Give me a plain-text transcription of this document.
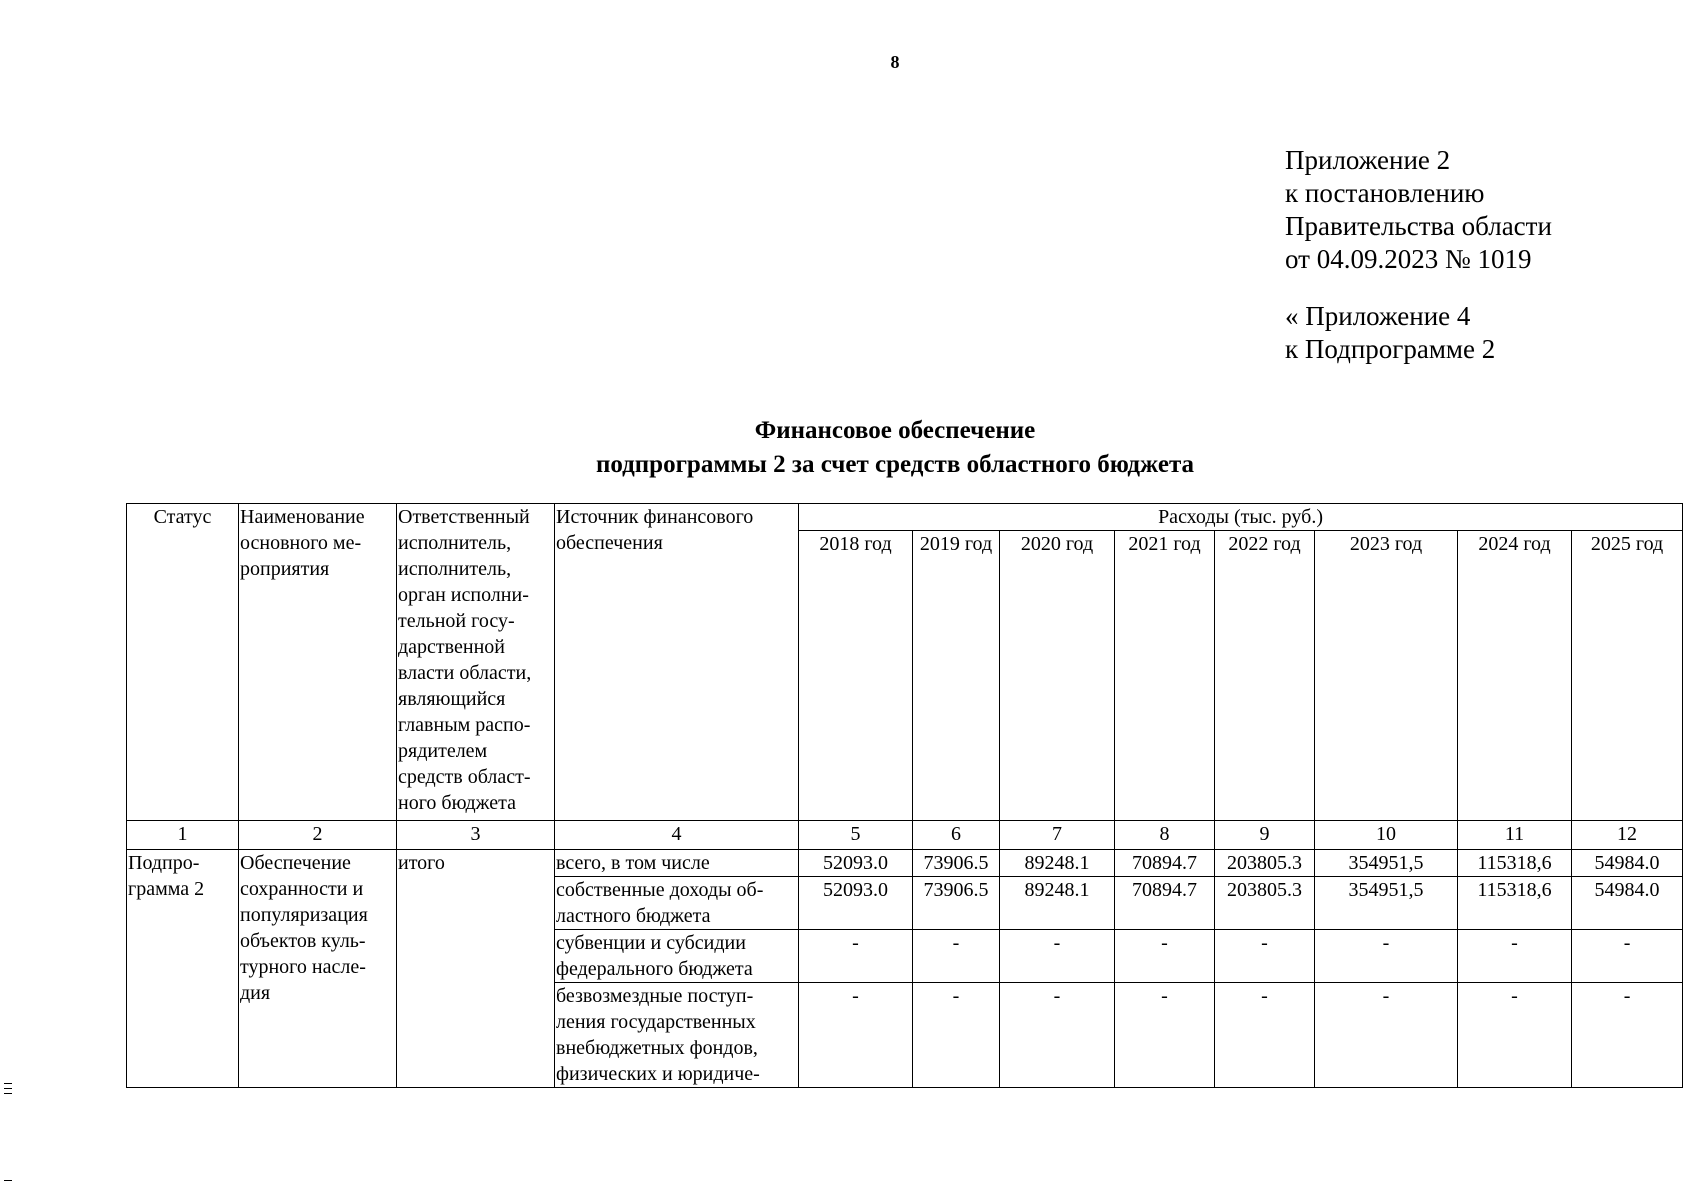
8
Приложение 2
к постановлению
Правительства области
от 04.09.2023 № 1019
« Приложение 4
к Подпрограмме 2
Финансовое обеспечение
подпрограммы 2 за счет средств областного бюджета
Статус	Наименование основного ме-роприятия	Ответственный исполнитель, исполнитель, орган исполни-тельной госу-дарственной власти области, являющийся главным распо-рядителем средств област-ного бюджета	Источник финансового обеспечения	Расходы (тыс. руб.)							
				2018 год	2019 год	2020 год	2021 год	2022 год	2023 год	2024 год	2025 год
1	2	3	4	5	6	7	8	9	10	11	12
Подпро-грамма 2	Обеспечение сохранности и популяризация объектов куль-турного насле-дия	итого	всего, в том числе	52093.0	73906.5	89248.1	70894.7	203805.3	354951,5	115318,6	54984.0
			собственные доходы об-ластного бюджета	52093.0	73906.5	89248.1	70894.7	203805.3	354951,5	115318,6	54984.0
			субвенции и субсидии федерального бюджета	-	-	-	-	-	-	-	-
			безвозмездные поступ-ления государственных внебюджетных фондов, физических и юридиче-	-	-	-	-	-	-	-	-
